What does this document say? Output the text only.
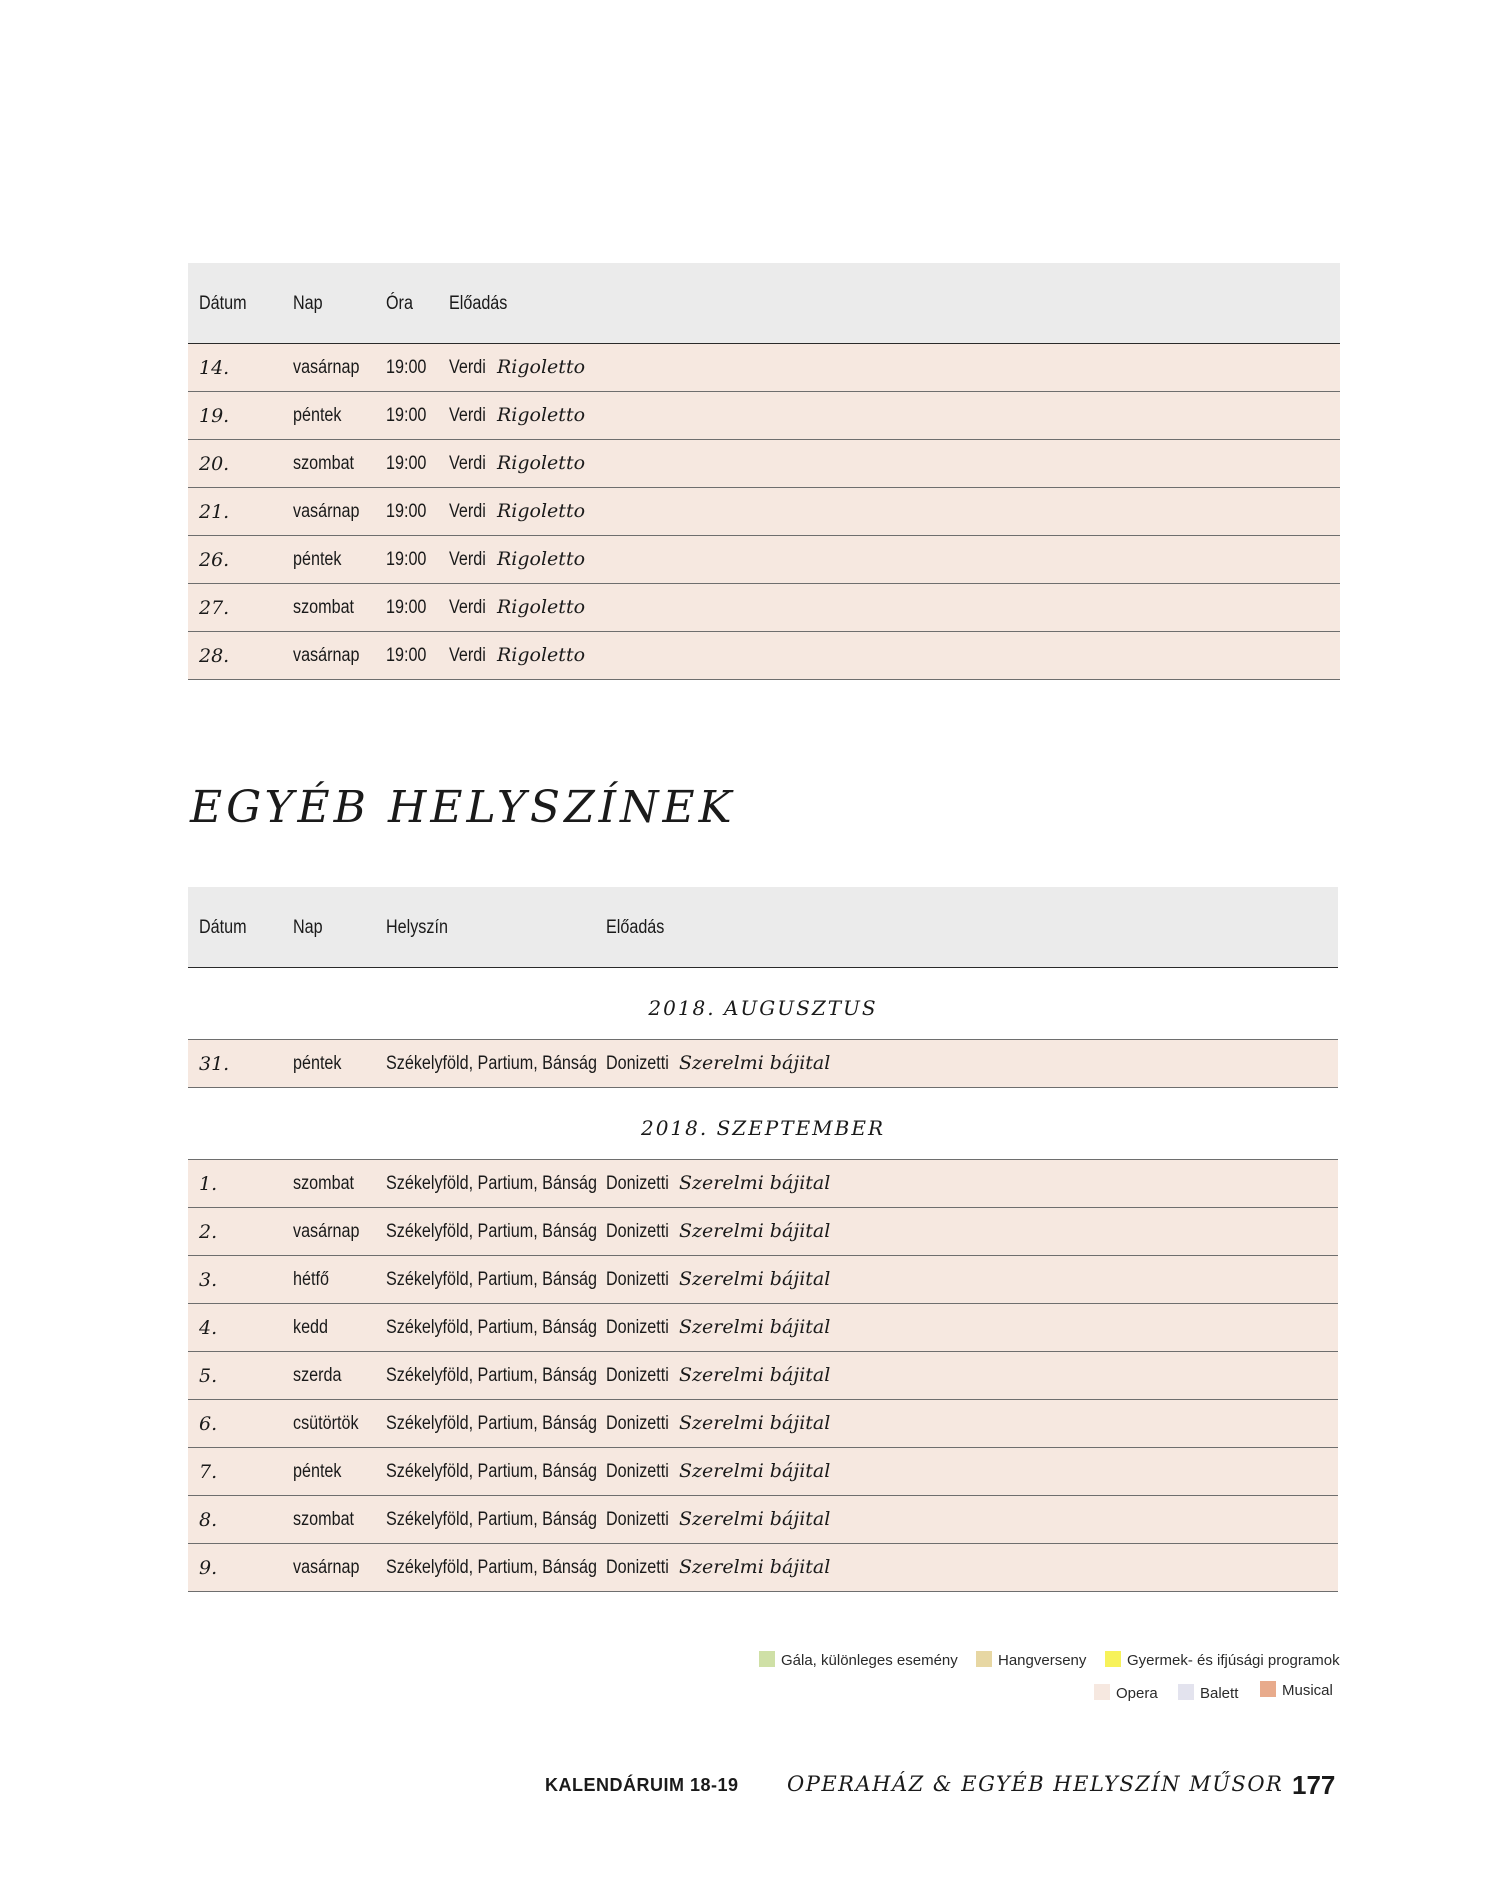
Dátum Nap	Óra Előadás
14.	vasárnap 19:00 Verdi Rigoletto
19.	péntek 19:00 Verdi Rigoletto
20.	szombat 19:00 Verdi Rigoletto
21.	vasárnap 19:00 Verdi Rigoletto
26.	péntek 19:00 Verdi Rigoletto
27.	szombat 19:00 Verdi Rigoletto
28.	vasárnap 19:00 Verdi Rigoletto
EGYÉB HELYSZÍNEK
Dátum Nap	Helyszín	Előadás
2018. AUGUSZTUS
31.	péntek Székelyföld, Partium, Bánság Donizetti Szerelmi bájital
2018. SZEPTEMBER
1.	szombat Székelyföld, Partium, Bánság Donizetti Szerelmi bájital
2.	vasárnap Székelyföld, Partium, Bánság Donizetti Szerelmi bájital
3.	hétfő	Székelyföld, Partium, Bánság Donizetti Szerelmi bájital
4.	kedd	Székelyföld, Partium, Bánság Donizetti Szerelmi bájital
5.	szerda Székelyföld, Partium, Bánság Donizetti Szerelmi bájital
6.	csütörtök Székelyföld, Partium, Bánság Donizetti Szerelmi bájital
7.	péntek Székelyföld, Partium, Bánság Donizetti Szerelmi bájital
8.	szombat Székelyföld, Partium, Bánság Donizetti Szerelmi bájital
9.	vasárnap Székelyföld, Partium, Bánság Donizetti Szerelmi bájital
Gála, különleges esemény	Hangverseny	Gyermek- és ifjúsági programok
Opera	Balett	Musical
KALENDÁRUIM 18-19 OPERAHÁZ & EGYÉB HELYSZÍN MŰSOR 177
